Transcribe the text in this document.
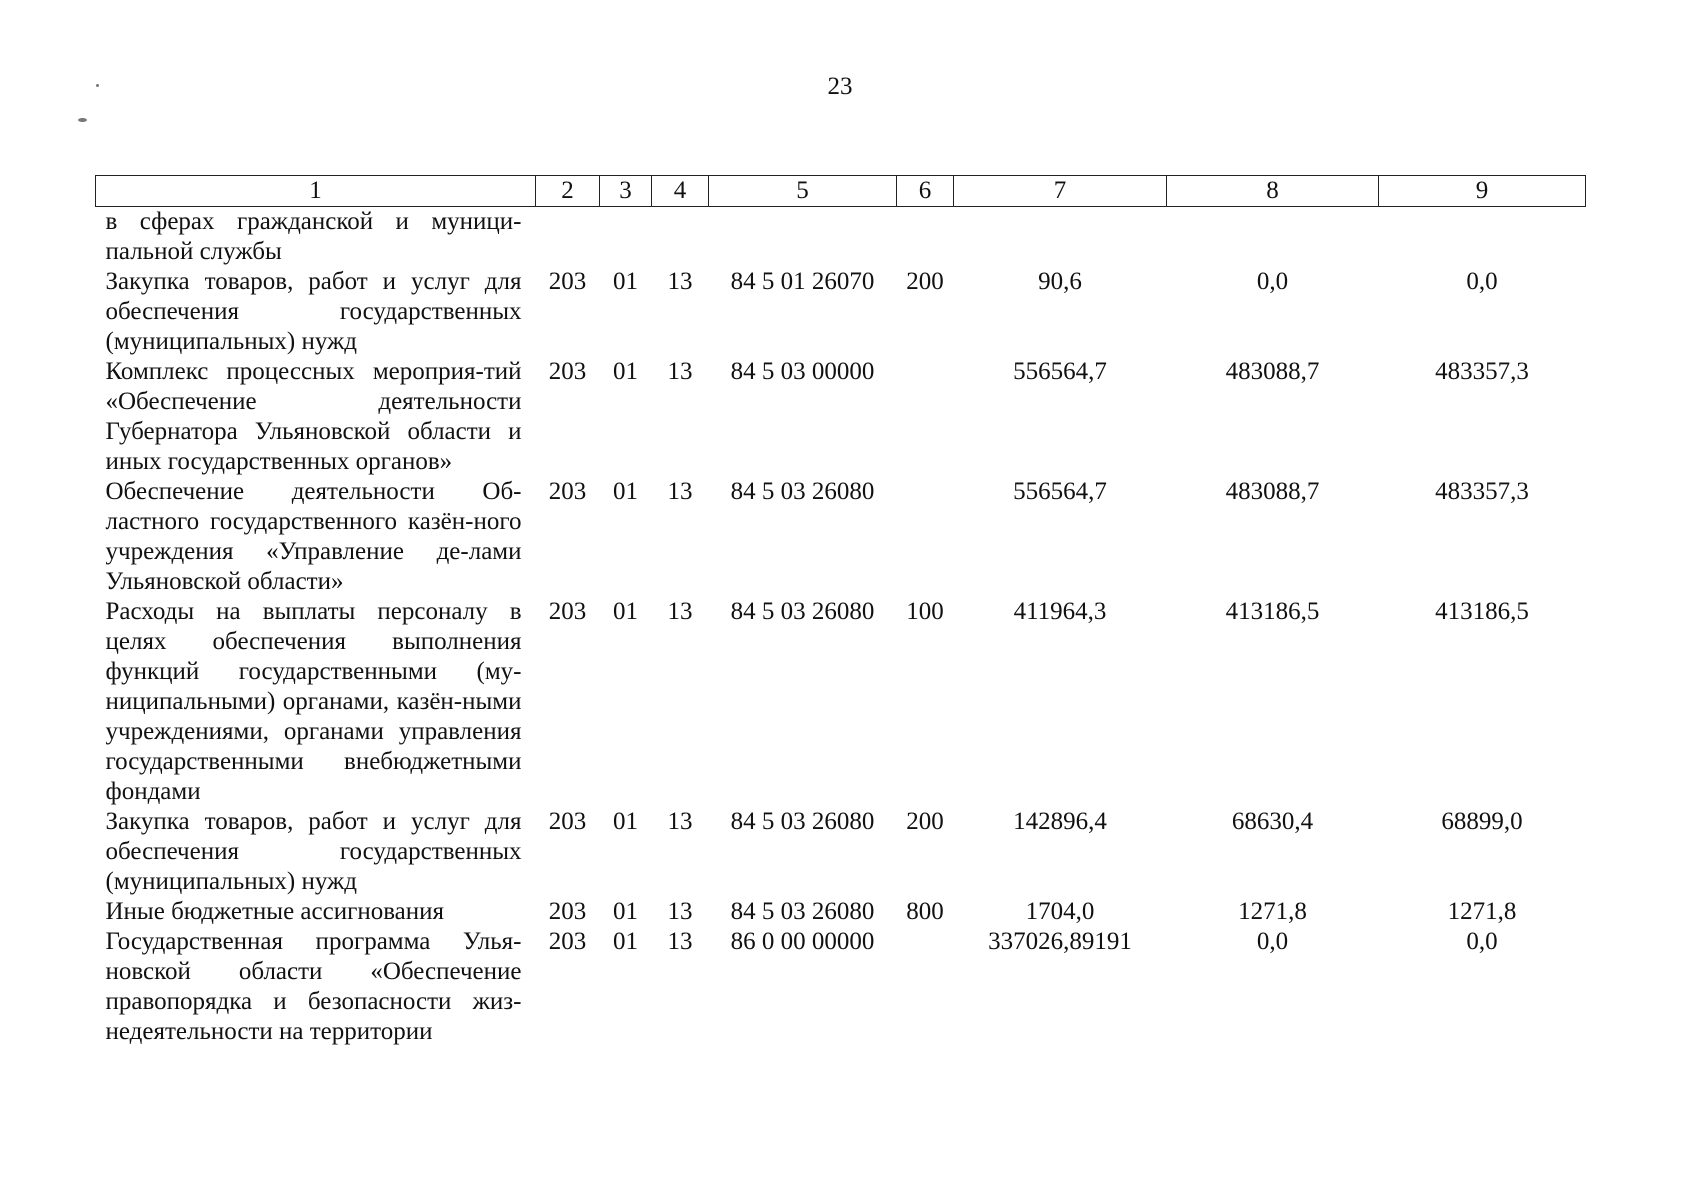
23
1	2	3	4	5	6	7	8	9
в сферах гражданской и муници-пальной службы								
Закупка товаров, работ и услуг для обеспечения государственных (муниципальных) нужд	203	01	13	84 5 01 26070	200	90,6	0,0	0,0
Комплекс процессных мероприя-тий «Обеспечение деятельности Губернатора Ульяновской области и иных государственных органов»	203	01	13	84 5 03 00000		556564,7	483088,7	483357,3
Обеспечение деятельности Об-ластного государственного казён-ного учреждения «Управление де-лами Ульяновской области»	203	01	13	84 5 03 26080		556564,7	483088,7	483357,3
Расходы на выплаты персоналу в целях обеспечения выполнения функций государственными (му-ниципальными) органами, казён-ными учреждениями, органами управления государственными внебюджетными фондами	203	01	13	84 5 03 26080	100	411964,3	413186,5	413186,5
Закупка товаров, работ и услуг для обеспечения государственных (муниципальных) нужд	203	01	13	84 5 03 26080	200	142896,4	68630,4	68899,0
Иные бюджетные ассигнования	203	01	13	84 5 03 26080	800	1704,0	1271,8	1271,8
Государственная программа Улья-новской области «Обеспечение правопорядка и безопасности жиз-недеятельности на территории	203	01	13	86 0 00 00000		337026,89191	0,0	0,0
